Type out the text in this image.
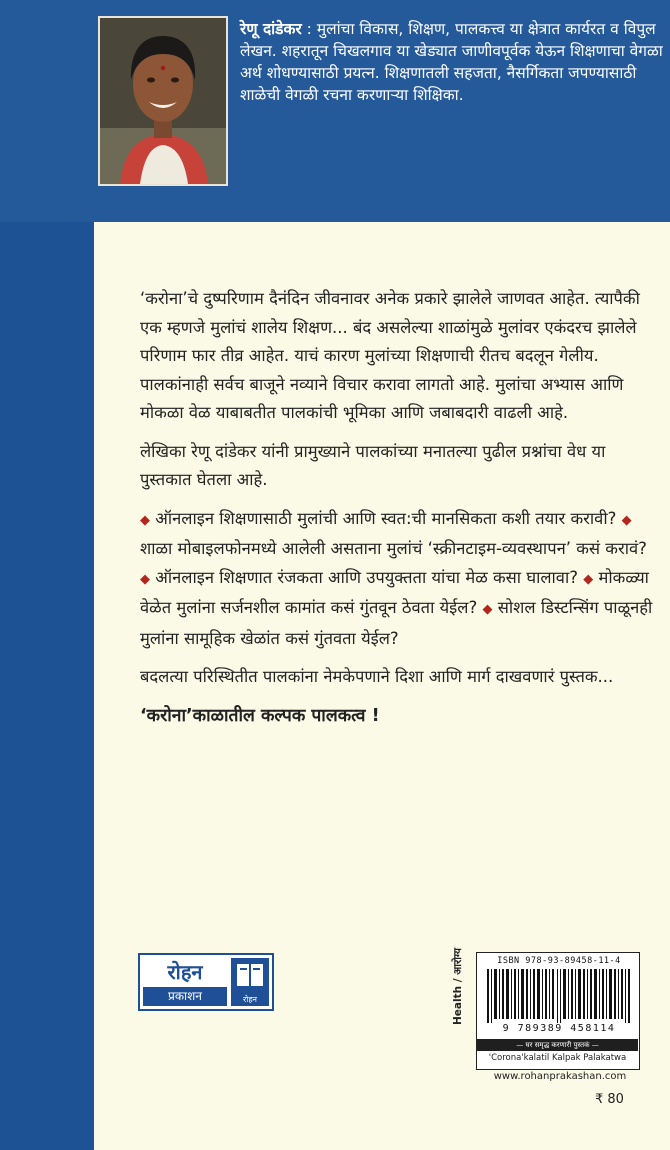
रेणू दांडेकर : मुलांचा विकास, शिक्षण, पालकत्त्व या क्षेत्रात कार्यरत व विपुल लेखन. शहरातून चिखलगाव या खेड्यात जाणीवपूर्वक येऊन शिक्षणाचा वेगळा अर्थ शोधण्यासाठी प्रयत्न. शिक्षणातली सहजता, नैसर्गिकता जपण्यासाठी शाळेची वेगळी रचना करणाऱ्या शिक्षिका.

‘करोना’चे दुष्परिणाम दैनंदिन जीवनावर अनेक प्रकारे झालेले जाणवत आहेत. त्यापैकी एक म्हणजे मुलांचं शालेय शिक्षण... बंद असलेल्या शाळांमुळे मुलांवर एकंदरच झालेले परिणाम फार तीव्र आहेत. याचं कारण मुलांच्या शिक्षणाची रीतच बदलून गेलीय. पालकांनाही सर्वच बाजूने नव्याने विचार करावा लागतो आहे. मुलांचा अभ्यास आणि मोकळा वेळ याबाबतीत पालकांची भूमिका आणि जबाबदारी वाढली आहे.

लेखिका रेणू दांडेकर यांनी प्रामुख्याने पालकांच्या मनातल्या पुढील प्रश्नांचा वेध या पुस्तकात घेतला आहे.

◆ ऑनलाइन शिक्षणासाठी मुलांची आणि स्वत:ची मानसिकता कशी तयार करावी? ◆ शाळा मोबाइलफोनमध्ये आलेली असताना मुलांचं ‘स्क्रीनटाइम-व्यवस्थापन’ कसं करावं?
◆ ऑनलाइन शिक्षणात रंजकता आणि उपयुक्तता यांचा मेळ कसा घालावा? ◆ मोकळ्या वेळेत मुलांना सर्जनशील कामांत कसं गुंतवून ठेवता येईल? ◆ सोशल डिस्टन्सिंग पाळूनही मुलांना सामूहिक खेळांत कसं गुंतवता येईल?

बदलत्या परिस्थितीत पालकांना नेमकेपणाने दिशा आणि मार्ग दाखवणारं पुस्तक...

‘करोना’काळातील कल्पक पालकत्व !

रोहन
प्रकाशन	रोहन	Health / आरोग्य	ISBN 978-93-89458-11-4
9 789389 458114
— घर समृद्ध करणारी पुस्तकं —
'Corona'kalatil Kalpak Palakatwa
www.rohanprakashan.com
₹ 80
